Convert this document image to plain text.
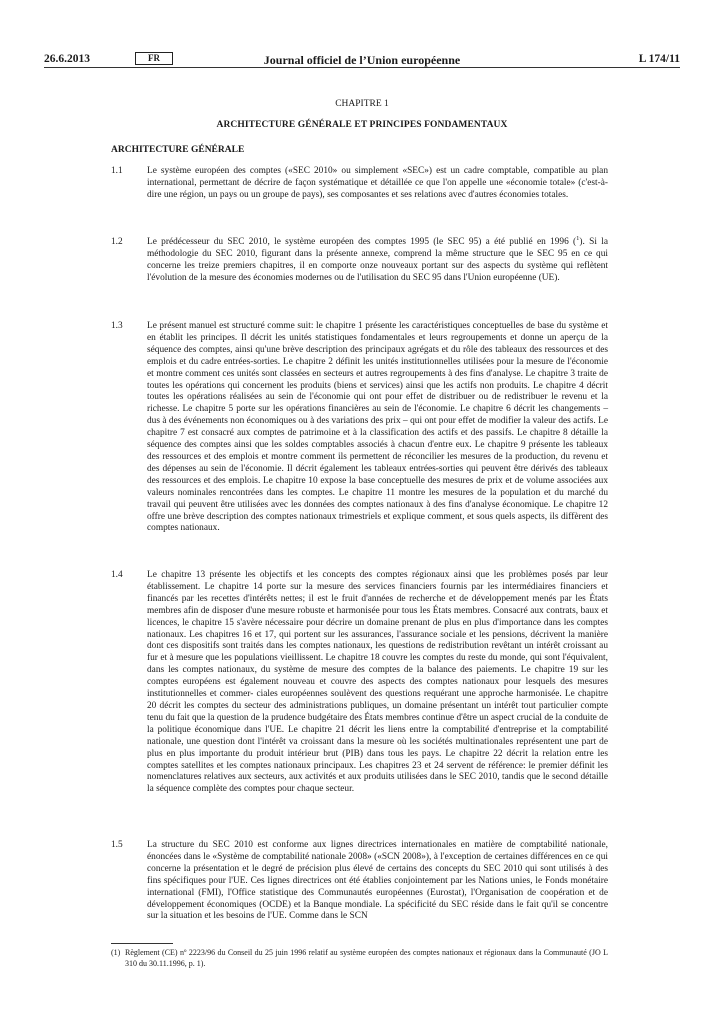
26.6.2013	FR	Journal officiel de l’Union européenne	L 174/11
CHAPITRE 1
ARCHITECTURE GÉNÉRALE ET PRINCIPES FONDAMENTAUX
ARCHITECTURE GÉNÉRALE
1.1	Le système européen des comptes («SEC 2010» ou simplement «SEC») est un cadre comptable, compatible au plan international, permettant de décrire de façon systématique et détaillée ce que l'on appelle une «économie totale» (c'est-à-dire une région, un pays ou un groupe de pays), ses composantes et ses relations avec d'autres économies totales.
1.2	Le prédécesseur du SEC 2010, le système européen des comptes 1995 (le SEC 95) a été publié en 1996 ($^1$). Si la méthodologie du SEC 2010, figurant dans la présente annexe, comprend la même structure que le SEC 95 en ce qui concerne les treize premiers chapitres, il en comporte onze nouveaux portant sur des aspects du système qui reflètent l'évolution de la mesure des économies modernes ou de l'utilisation du SEC 95 dans l'Union européenne (UE).
1.3	Le présent manuel est structuré comme suit: le chapitre 1 présente les caractéristiques conceptuelles de base du système et en établit les principes. Il décrit les unités statistiques fondamentales et leurs regroupements et donne un aperçu de la séquence des comptes, ainsi qu'une brève description des principaux agrégats et du rôle des tableaux des ressources et des emplois et du cadre entrées-sorties. Le chapitre 2 définit les unités institutionnelles utilisées pour la mesure de l'économie et montre comment ces unités sont classées en secteurs et autres regroupements à des fins d'analyse. Le chapitre 3 traite de toutes les opérations qui concernent les produits (biens et services) ainsi que les actifs non produits. Le chapitre 4 décrit toutes les opérations réalisées au sein de l'économie qui ont pour effet de distribuer ou de redistribuer le revenu et la richesse. Le chapitre 5 porte sur les opérations financières au sein de l'économie. Le chapitre 6 décrit les changements – dus à des événements non économiques ou à des variations des prix – qui ont pour effet de modifier la valeur des actifs. Le chapitre 7 est consacré aux comptes de patrimoine et à la classification des actifs et des passifs. Le chapitre 8 détaille la séquence des comptes ainsi que les soldes comptables associés à chacun d'entre eux. Le chapitre 9 présente les tableaux des ressources et des emplois et montre comment ils permettent de réconcilier les mesures de la production, du revenu et des dépenses au sein de l'économie. Il décrit également les tableaux entrées-sorties qui peuvent être dérivés des tableaux des ressources et des emplois. Le chapitre 10 expose la base conceptuelle des mesures de prix et de volume associées aux valeurs nominales rencontrées dans les comptes. Le chapitre 11 montre les mesures de la population et du marché du travail qui peuvent être utilisées avec les données des comptes nationaux à des fins d'analyse économique. Le chapitre 12 offre une brève description des comptes nationaux trimestriels et explique comment, et sous quels aspects, ils diffèrent des comptes nationaux.
1.4	Le chapitre 13 présente les objectifs et les concepts des comptes régionaux ainsi que les problèmes posés par leur établissement. Le chapitre 14 porte sur la mesure des services financiers fournis par les intermédiaires financiers et financés par les recettes d'intérêts nettes; il est le fruit d'années de recherche et de développement menés par les États membres afin de disposer d'une mesure robuste et harmonisée pour tous les États membres. Consacré aux contrats, baux et licences, le chapitre 15 s'avère nécessaire pour décrire un domaine prenant de plus en plus d'importance dans les comptes nationaux. Les chapitres 16 et 17, qui portent sur les assurances, l'assurance sociale et les pensions, décrivent la manière dont ces dispositifs sont traités dans les comptes nationaux, les questions de redistribution revêtant un intérêt croissant au fur et à mesure que les populations vieillissent. Le chapitre 18 couvre les comptes du reste du monde, qui sont l'équivalent, dans les comptes nationaux, du système de mesure des comptes de la balance des paiements. Le chapitre 19 sur les comptes européens est également nouveau et couvre des aspects des comptes nationaux pour lesquels des mesures institutionnelles et commer- ciales européennes soulèvent des questions requérant une approche harmonisée. Le chapitre 20 décrit les comptes du secteur des administrations publiques, un domaine présentant un intérêt tout particulier compte tenu du fait que la question de la prudence budgétaire des États membres continue d'être un aspect crucial de la conduite de la politique économique dans l'UE. Le chapitre 21 décrit les liens entre la comptabilité d'entreprise et la comptabilité nationale, une question dont l'intérêt va croissant dans la mesure où les sociétés multinationales représentent une part de plus en plus importante du produit intérieur brut (PIB) dans tous les pays. Le chapitre 22 décrit la relation entre les comptes satellites et les comptes nationaux principaux. Les chapitres 23 et 24 servent de référence: le premier définit les nomenclatures relatives aux secteurs, aux activités et aux produits utilisées dans le SEC 2010, tandis que le second détaille la séquence complète des comptes pour chaque secteur.
1.5	La structure du SEC 2010 est conforme aux lignes directrices internationales en matière de comptabilité nationale, énoncées dans le «Système de comptabilité nationale 2008» («SCN 2008»), à l'exception de certaines différences en ce qui concerne la présentation et le degré de précision plus élevé de certains des concepts du SEC 2010 qui sont utilisés à des fins spécifiques pour l'UE. Ces lignes directrices ont été établies conjointement par les Nations unies, le Fonds monétaire international (FMI), l'Office statistique des Communautés européennes (Eurostat), l'Organisation de coopération et de développement économiques (OCDE) et la Banque mondiale. La spécificité du SEC réside dans le fait qu'il se concentre sur la situation et les besoins de l'UE. Comme dans le SCN
(1) Règlement (CE) nº 2223/96 du Conseil du 25 juin 1996 relatif au système européen des comptes nationaux et régionaux dans la Communauté (JO L 310 du 30.11.1996, p. 1).
